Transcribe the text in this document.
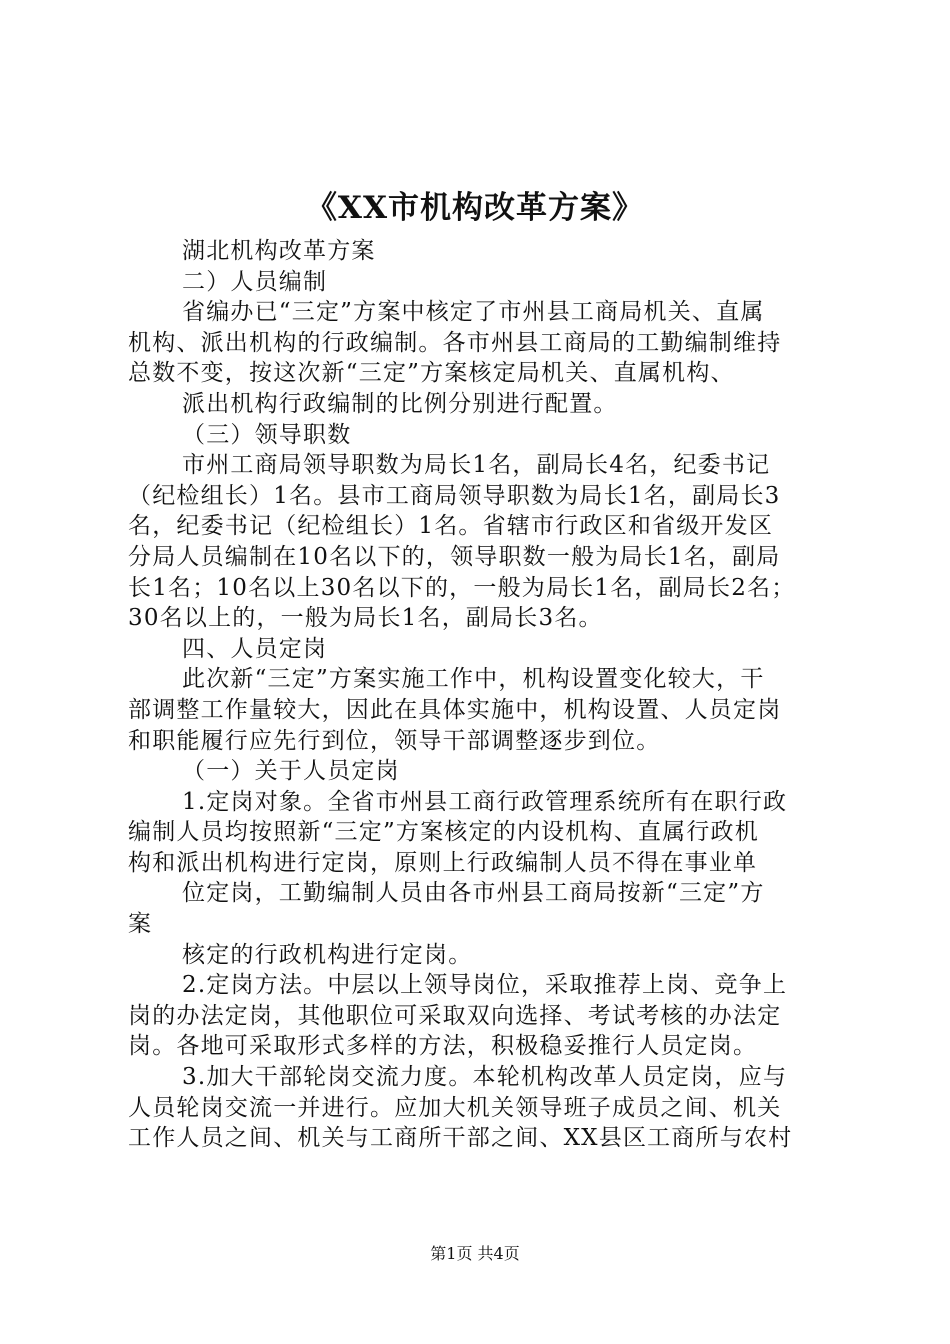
《XX市机构改革方案》
湖北机构改革方案
二）人员编制
省编办已“三定”方案中核定了市州县工商局机关、直属
机构、派出机构的行政编制。各市州县工商局的工勤编制维持
总数不变，按这次新“三定”方案核定局机关、直属机构、
派出机构行政编制的比例分别进行配置。
（三）领导职数
市州工商局领导职数为局长1名，副局长4名，纪委书记
（纪检组长）1名。县市工商局领导职数为局长1名，副局长3
名，纪委书记（纪检组长）1名。省辖市行政区和省级开发区
分局人员编制在10名以下的，领导职数一般为局长1名，副局
长1名；10名以上30名以下的，一般为局长1名，副局长2名；
30名以上的，一般为局长1名，副局长3名。
四、人员定岗
此次新“三定”方案实施工作中，机构设置变化较大，干
部调整工作量较大，因此在具体实施中，机构设置、人员定岗
和职能履行应先行到位，领导干部调整逐步到位。
（一）关于人员定岗
1.定岗对象。全省市州县工商行政管理系统所有在职行政
编制人员均按照新“三定”方案核定的内设机构、直属行政机
构和派出机构进行定岗，原则上行政编制人员不得在事业单
位定岗，工勤编制人员由各市州县工商局按新“三定”方
案
核定的行政机构进行定岗。
2.定岗方法。中层以上领导岗位，采取推荐上岗、竞争上
岗的办法定岗，其他职位可采取双向选择、考试考核的办法定
岗。各地可采取形式多样的方法，积极稳妥推行人员定岗。
3.加大干部轮岗交流力度。本轮机构改革人员定岗，应与
人员轮岗交流一并进行。应加大机关领导班子成员之间、机关
工作人员之间、机关与工商所干部之间、XX县区工商所与农村
第1页 共4页
